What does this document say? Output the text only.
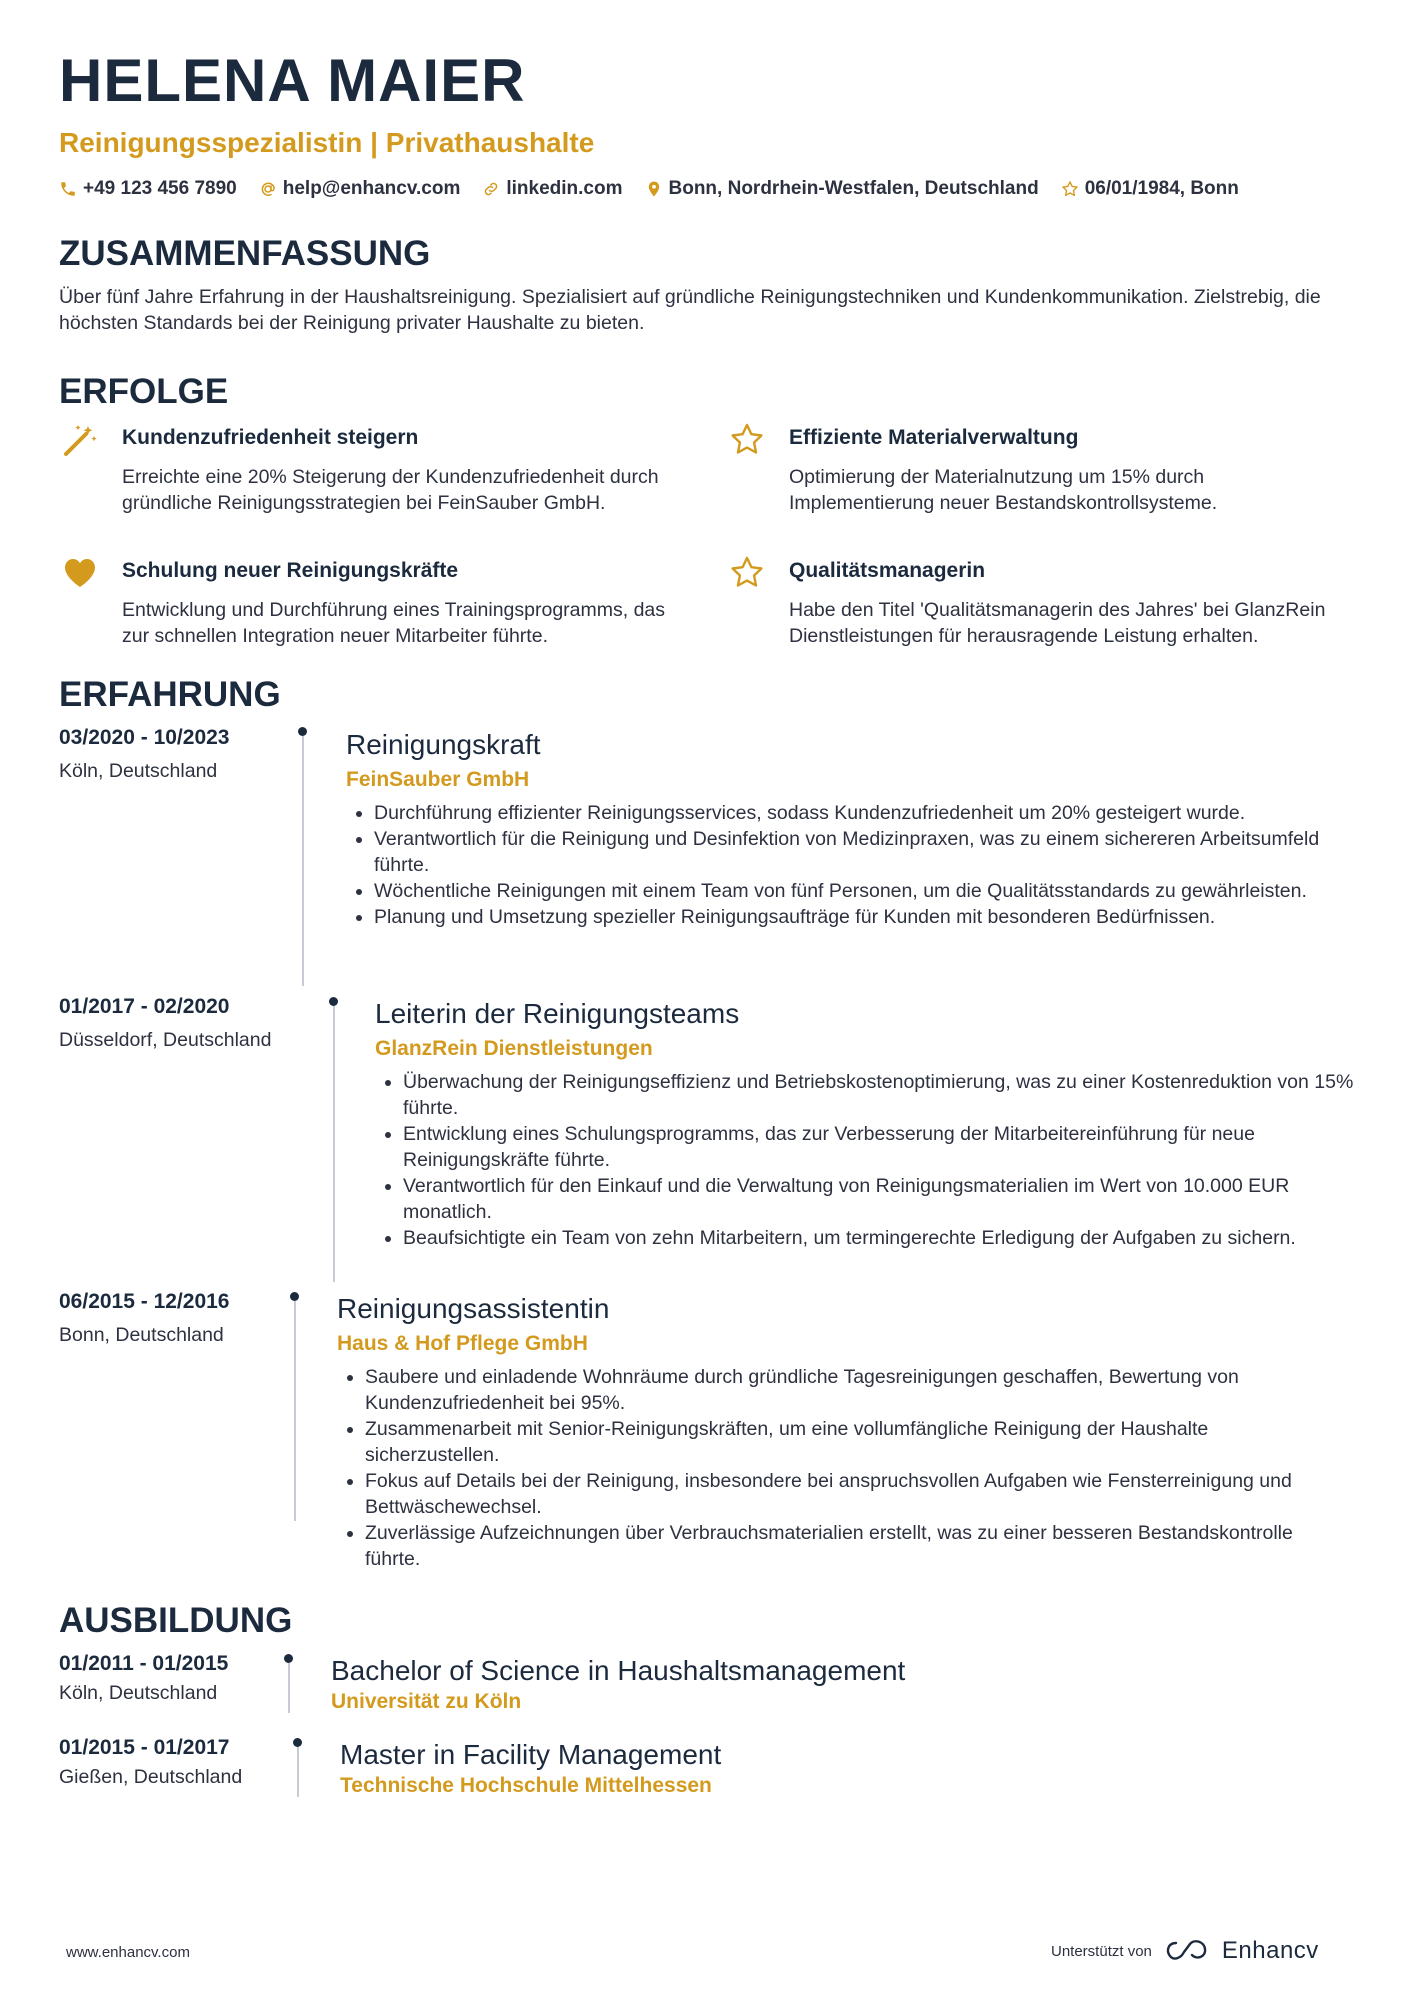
HELENA MAIER
Reinigungsspezialistin | Privathaushalte
+49 123 456 7890 help@enhancv.com linkedin.com Bonn, Nordrhein-Westfalen, Deutschland 06/01/1984, Bonn
ZUSAMMENFASSUNG
Über fünf Jahre Erfahrung in der Haushaltsreinigung. Spezialisiert auf gründliche Reinigungstechniken und Kundenkommunikation. Zielstrebig, die höchsten Standards bei der Reinigung privater Haushalte zu bieten.
ERFOLGE
Kundenzufriedenheit steigern
Erreichte eine 20% Steigerung der Kundenzufriedenheit durch gründliche Reinigungsstrategien bei FeinSauber GmbH.
Effiziente Materialverwaltung
Optimierung der Materialnutzung um 15% durch Implementierung neuer Bestandskontrollsysteme.
Schulung neuer Reinigungskräfte
Entwicklung und Durchführung eines Trainingsprogramms, das zur schnellen Integration neuer Mitarbeiter führte.
Qualitätsmanagerin
Habe den Titel 'Qualitätsmanagerin des Jahres' bei GlanzRein Dienstleistungen für herausragende Leistung erhalten.
ERFAHRUNG
03/2020 - 10/2023
Köln, Deutschland
Reinigungskraft
FeinSauber GmbH
• Durchführung effizienter Reinigungsservices, sodass Kundenzufriedenheit um 20% gesteigert wurde.
• Verantwortlich für die Reinigung und Desinfektion von Medizinpraxen, was zu einem sichereren Arbeitsumfeld führte.
• Wöchentliche Reinigungen mit einem Team von fünf Personen, um die Qualitätsstandards zu gewährleisten.
• Planung und Umsetzung spezieller Reinigungsaufträge für Kunden mit besonderen Bedürfnissen.
01/2017 - 02/2020
Düsseldorf, Deutschland
Leiterin der Reinigungsteams
GlanzRein Dienstleistungen
• Überwachung der Reinigungseffizienz und Betriebskostenoptimierung, was zu einer Kostenreduktion von 15% führte.
• Entwicklung eines Schulungsprogramms, das zur Verbesserung der Mitarbeitereinführung für neue Reinigungskräfte führte.
• Verantwortlich für den Einkauf und die Verwaltung von Reinigungsmaterialien im Wert von 10.000 EUR monatlich.
• Beaufsichtigte ein Team von zehn Mitarbeitern, um termingerechte Erledigung der Aufgaben zu sichern.
06/2015 - 12/2016
Bonn, Deutschland
Reinigungsassistentin
Haus & Hof Pflege GmbH
• Saubere und einladende Wohnräume durch gründliche Tagesreinigungen geschaffen, Bewertung von Kundenzufriedenheit bei 95%.
• Zusammenarbeit mit Senior-Reinigungskräften, um eine vollumfängliche Reinigung der Haushalte sicherzustellen.
• Fokus auf Details bei der Reinigung, insbesondere bei anspruchsvollen Aufgaben wie Fensterreinigung und Bettwäschewechsel.
• Zuverlässige Aufzeichnungen über Verbrauchsmaterialien erstellt, was zu einer besseren Bestandskontrolle führte.
AUSBILDUNG
01/2011 - 01/2015
Köln, Deutschland
Bachelor of Science in Haushaltsmanagement
Universität zu Köln
01/2015 - 01/2017
Gießen, Deutschland
Master in Facility Management
Technische Hochschule Mittelhessen
www.enhancv.com	Unterstützt von	Enhancv
